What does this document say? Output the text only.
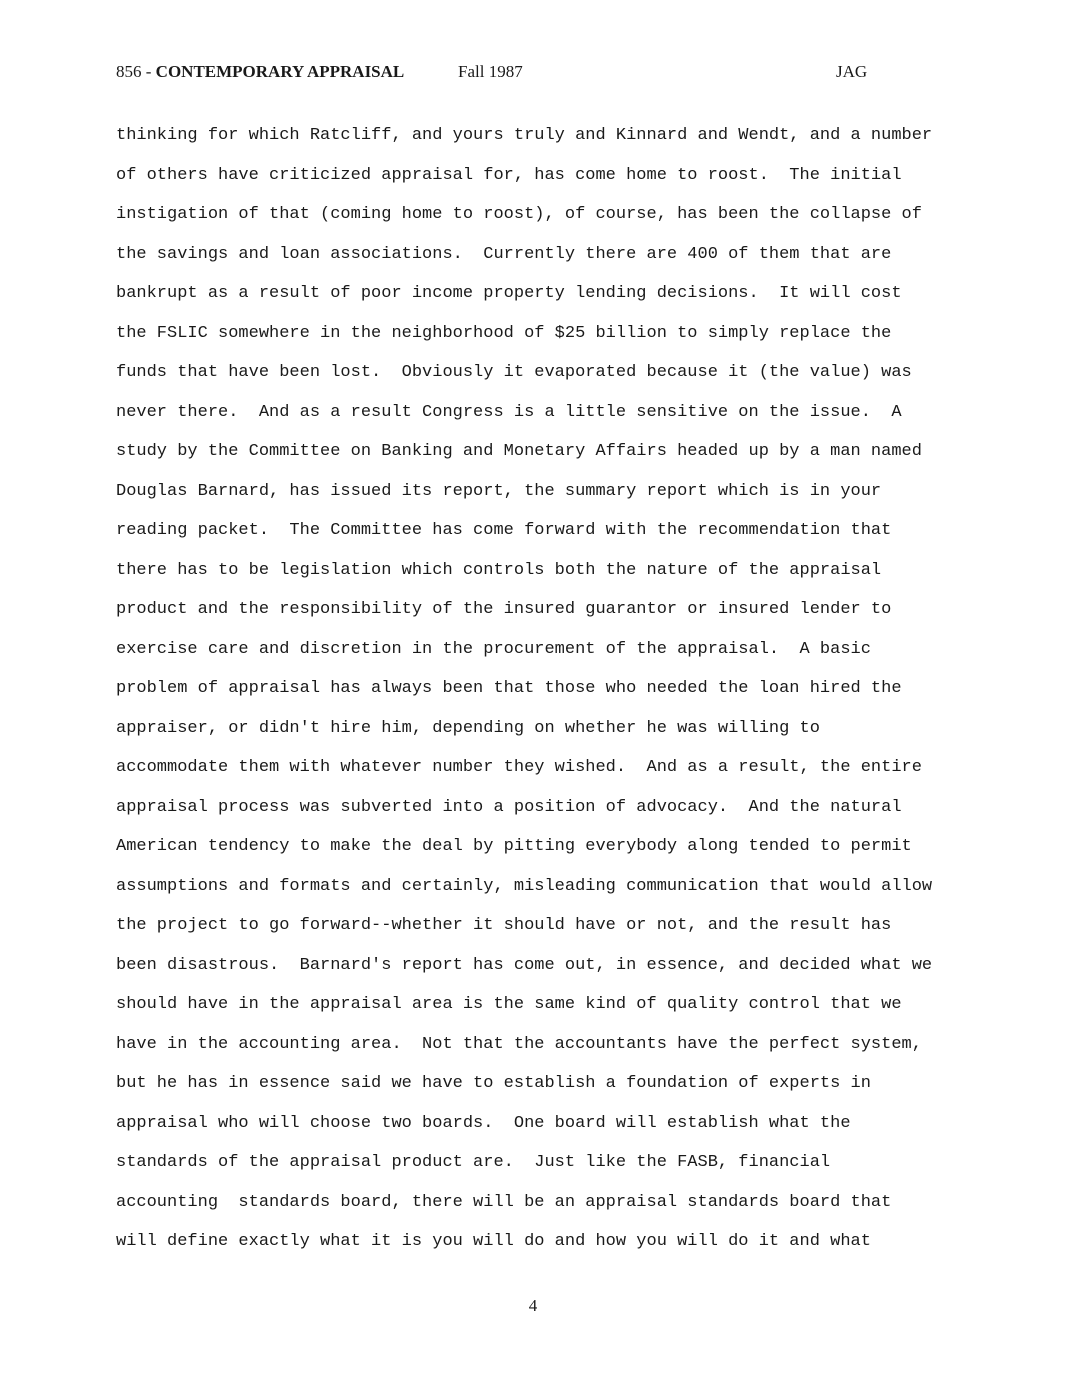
856 - CONTEMPORARY APPRAISAL	Fall 1987	JAG
thinking for which Ratcliff, and yours truly and Kinnard and Wendt, and a number
of others have criticized appraisal for, has come home to roost.  The initial
instigation of that (coming home to roost), of course, has been the collapse of
the savings and loan associations.  Currently there are 400 of them that are
bankrupt as a result of poor income property lending decisions.  It will cost
the FSLIC somewhere in the neighborhood of $25 billion to simply replace the
funds that have been lost.  Obviously it evaporated because it (the value) was
never there.  And as a result Congress is a little sensitive on the issue.  A
study by the Committee on Banking and Monetary Affairs headed up by a man named
Douglas Barnard, has issued its report, the summary report which is in your
reading packet.  The Committee has come forward with the recommendation that
there has to be legislation which controls both the nature of the appraisal
product and the responsibility of the insured guarantor or insured lender to
exercise care and discretion in the procurement of the appraisal.  A basic
problem of appraisal has always been that those who needed the loan hired the
appraiser, or didn't hire him, depending on whether he was willing to
accommodate them with whatever number they wished.  And as a result, the entire
appraisal process was subverted into a position of advocacy.  And the natural
American tendency to make the deal by pitting everybody along tended to permit
assumptions and formats and certainly, misleading communication that would allow
the project to go forward--whether it should have or not, and the result has
been disastrous.  Barnard's report has come out, in essence, and decided what we
should have in the appraisal area is the same kind of quality control that we
have in the accounting area.  Not that the accountants have the perfect system,
but he has in essence said we have to establish a foundation of experts in
appraisal who will choose two boards.  One board will establish what the
standards of the appraisal product are.  Just like the FASB, financial
accounting  standards board, there will be an appraisal standards board that
will define exactly what it is you will do and how you will do it and what
4
